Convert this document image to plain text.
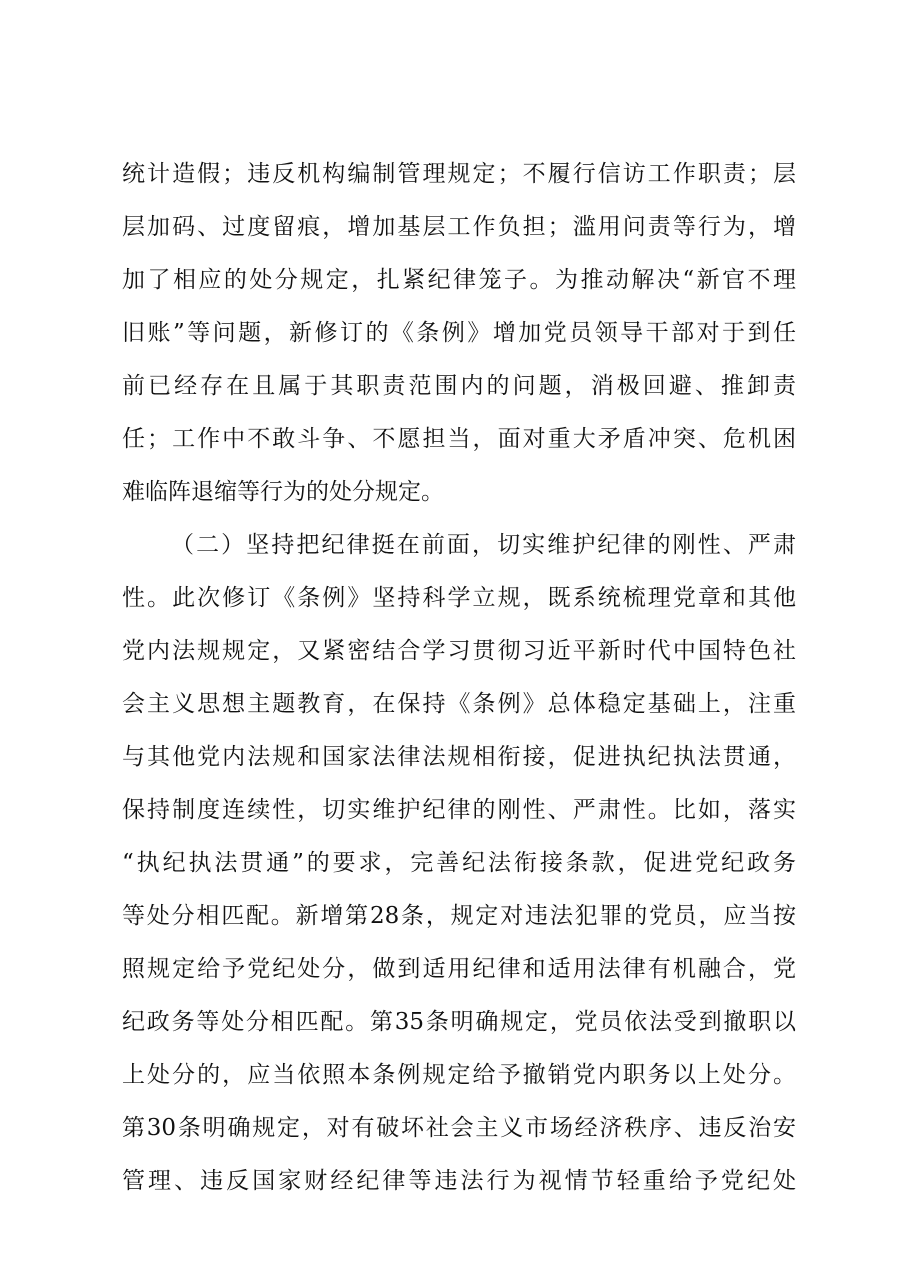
统计造假；违反机构编制管理规定；不履行信访工作职责；层
层加码、过度留痕，增加基层工作负担；滥用问责等行为，增
加了相应的处分规定，扎紧纪律笼子。为推动解决“新官不理
旧账”等问题，新修订的《条例》增加党员领导干部对于到任
前已经存在且属于其职责范围内的问题，消极回避、推卸责
任；工作中不敢斗争、不愿担当，面对重大矛盾冲突、危机困
难临阵退缩等行为的处分规定。
（二）坚持把纪律挺在前面，切实维护纪律的刚性、严肃
性。此次修订《条例》坚持科学立规，既系统梳理党章和其他
党内法规规定，又紧密结合学习贯彻习近平新时代中国特色社
会主义思想主题教育，在保持《条例》总体稳定基础上，注重
与其他党内法规和国家法律法规相衔接，促进执纪执法贯通，
保持制度连续性，切实维护纪律的刚性、严肃性。比如，落实
“执纪执法贯通”的要求，完善纪法衔接条款，促进党纪政务
等处分相匹配。新增第28条，规定对违法犯罪的党员，应当按
照规定给予党纪处分，做到适用纪律和适用法律有机融合，党
纪政务等处分相匹配。第35条明确规定，党员依法受到撤职以
上处分的，应当依照本条例规定给予撤销党内职务以上处分。
第30条明确规定，对有破坏社会主义市场经济秩序、违反治安
管理、违反国家财经纪律等违法行为视情节轻重给予党纪处
